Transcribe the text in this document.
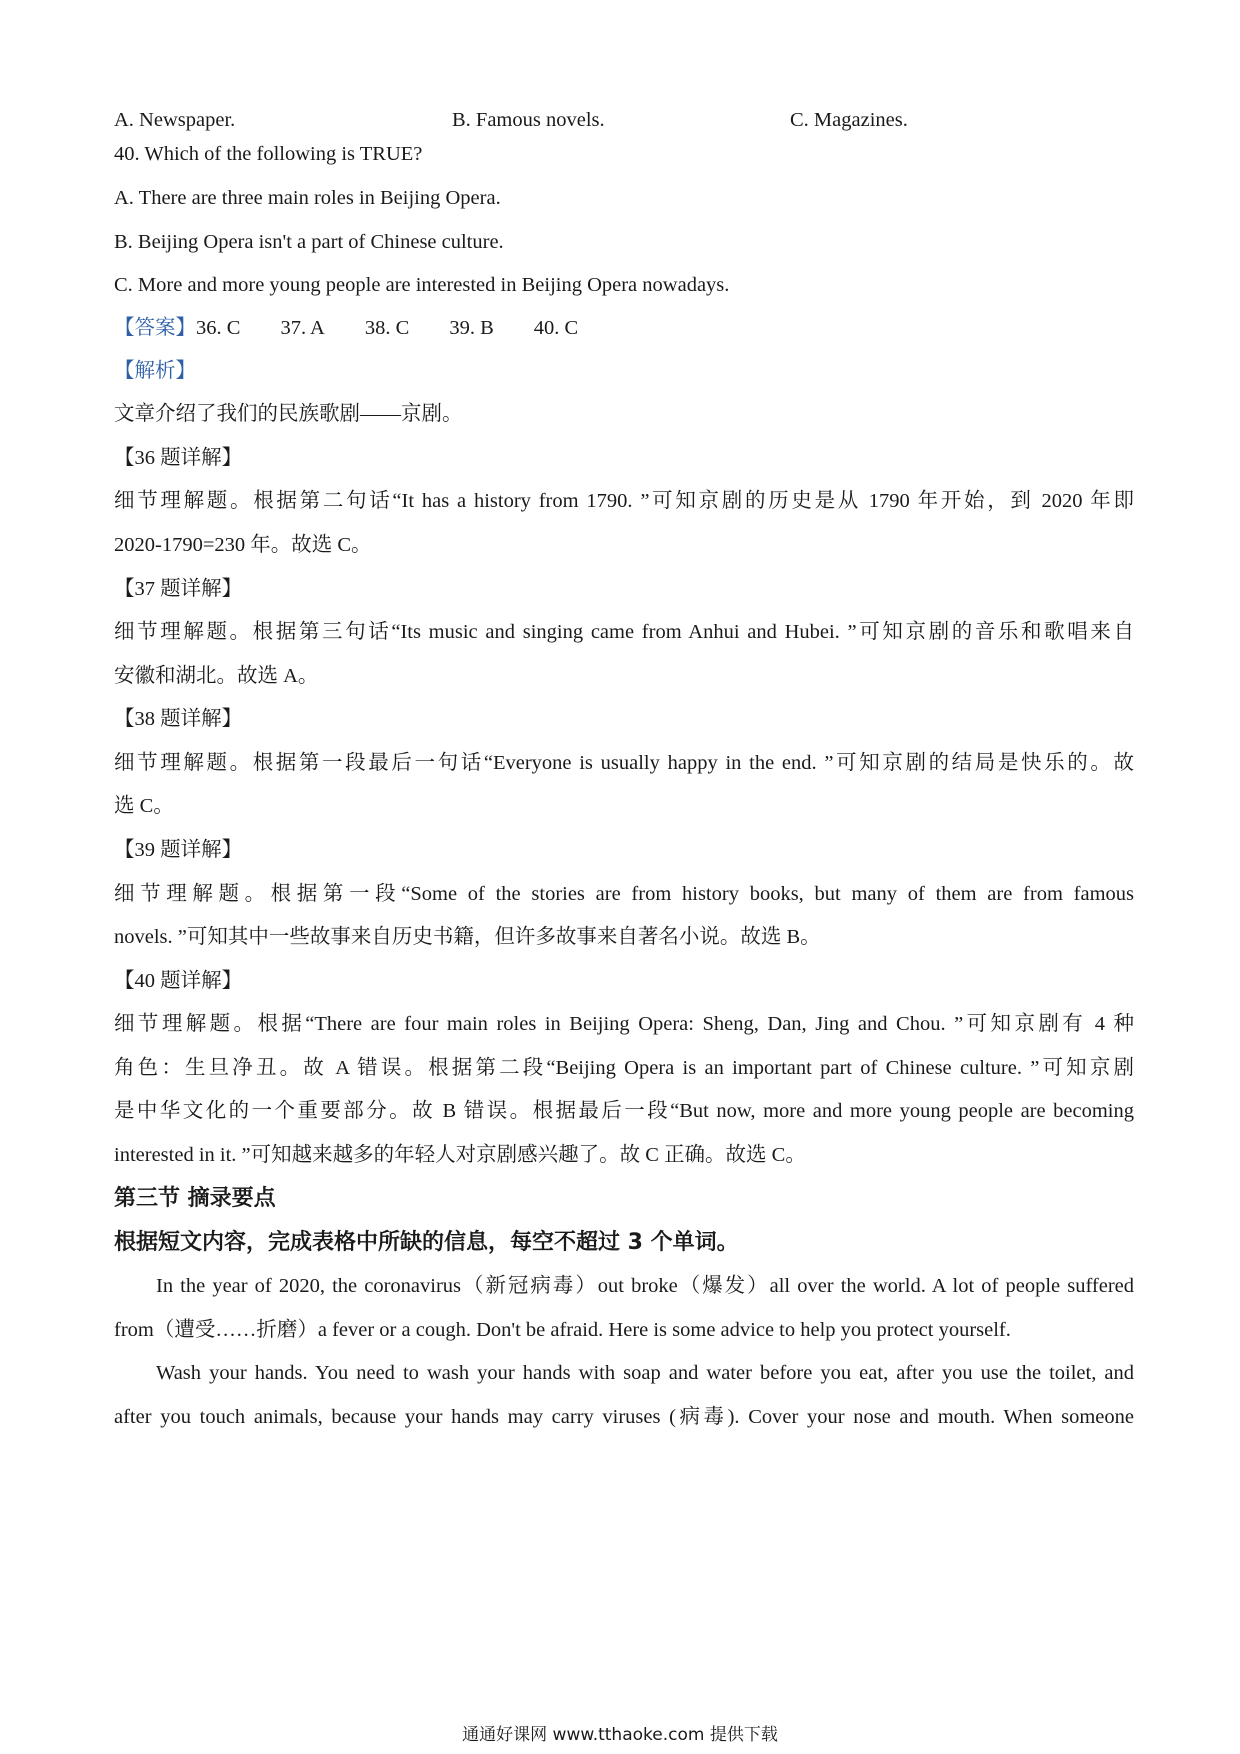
A. Newspaper.	B. Famous novels.	C. Magazines.
40. Which of the following is TRUE?
A. There are three main roles in Beijing Opera.
B. Beijing Opera isn't a part of Chinese culture.
C. More and more young people are interested in Beijing Opera nowadays.
【答案】36. C 37. A 38. C 39. B 40. C
【解析】
文章介绍了我们的民族歌剧——京剧。
【36 题详解】
细节理解题。根据第二句话“It has a history from 1790. ”可知京剧的历史是从 1790 年开始，到 2020 年即
2020-1790=230 年。故选 C。
【37 题详解】
细节理解题。根据第三句话“Its music and singing came from Anhui and Hubei. ”可知京剧的音乐和歌唱来自
安徽和湖北。故选 A。
【38 题详解】
细节理解题。根据第一段最后一句话“Everyone is usually happy in the end. ”可知京剧的结局是快乐的。故
选 C。
【39 题详解】
细节理解题。根据第一段“Some of the stories are from history books, but many of them are from famous
novels. ”可知其中一些故事来自历史书籍，但许多故事来自著名小说。故选 B。
【40 题详解】
细节理解题。根据“There are four main roles in Beijing Opera: Sheng, Dan, Jing and Chou. ”可知京剧有 4 种
角色：生旦净丑。故 A 错误。根据第二段“Beijing Opera is an important part of Chinese culture. ”可知京剧
是中华文化的一个重要部分。故 B 错误。根据最后一段“But now, more and more young people are becoming
interested in it. ”可知越来越多的年轻人对京剧感兴趣了。故 C 正确。故选 C。
第三节 摘录要点
根据短文内容，完成表格中所缺的信息，每空不超过 3 个单词。
In the year of 2020, the coronavirus（新冠病毒）out broke（爆发）all over the world. A lot of people suffered
from（遭受……折磨）a fever or a cough. Don't be afraid. Here is some advice to help you protect yourself.
Wash your hands. You need to wash your hands with soap and water before you eat, after you use the toilet, and
after you touch animals, because your hands may carry viruses (病毒). Cover your nose and mouth. When someone
通通好课网 www.tthaoke.com 提供下载
